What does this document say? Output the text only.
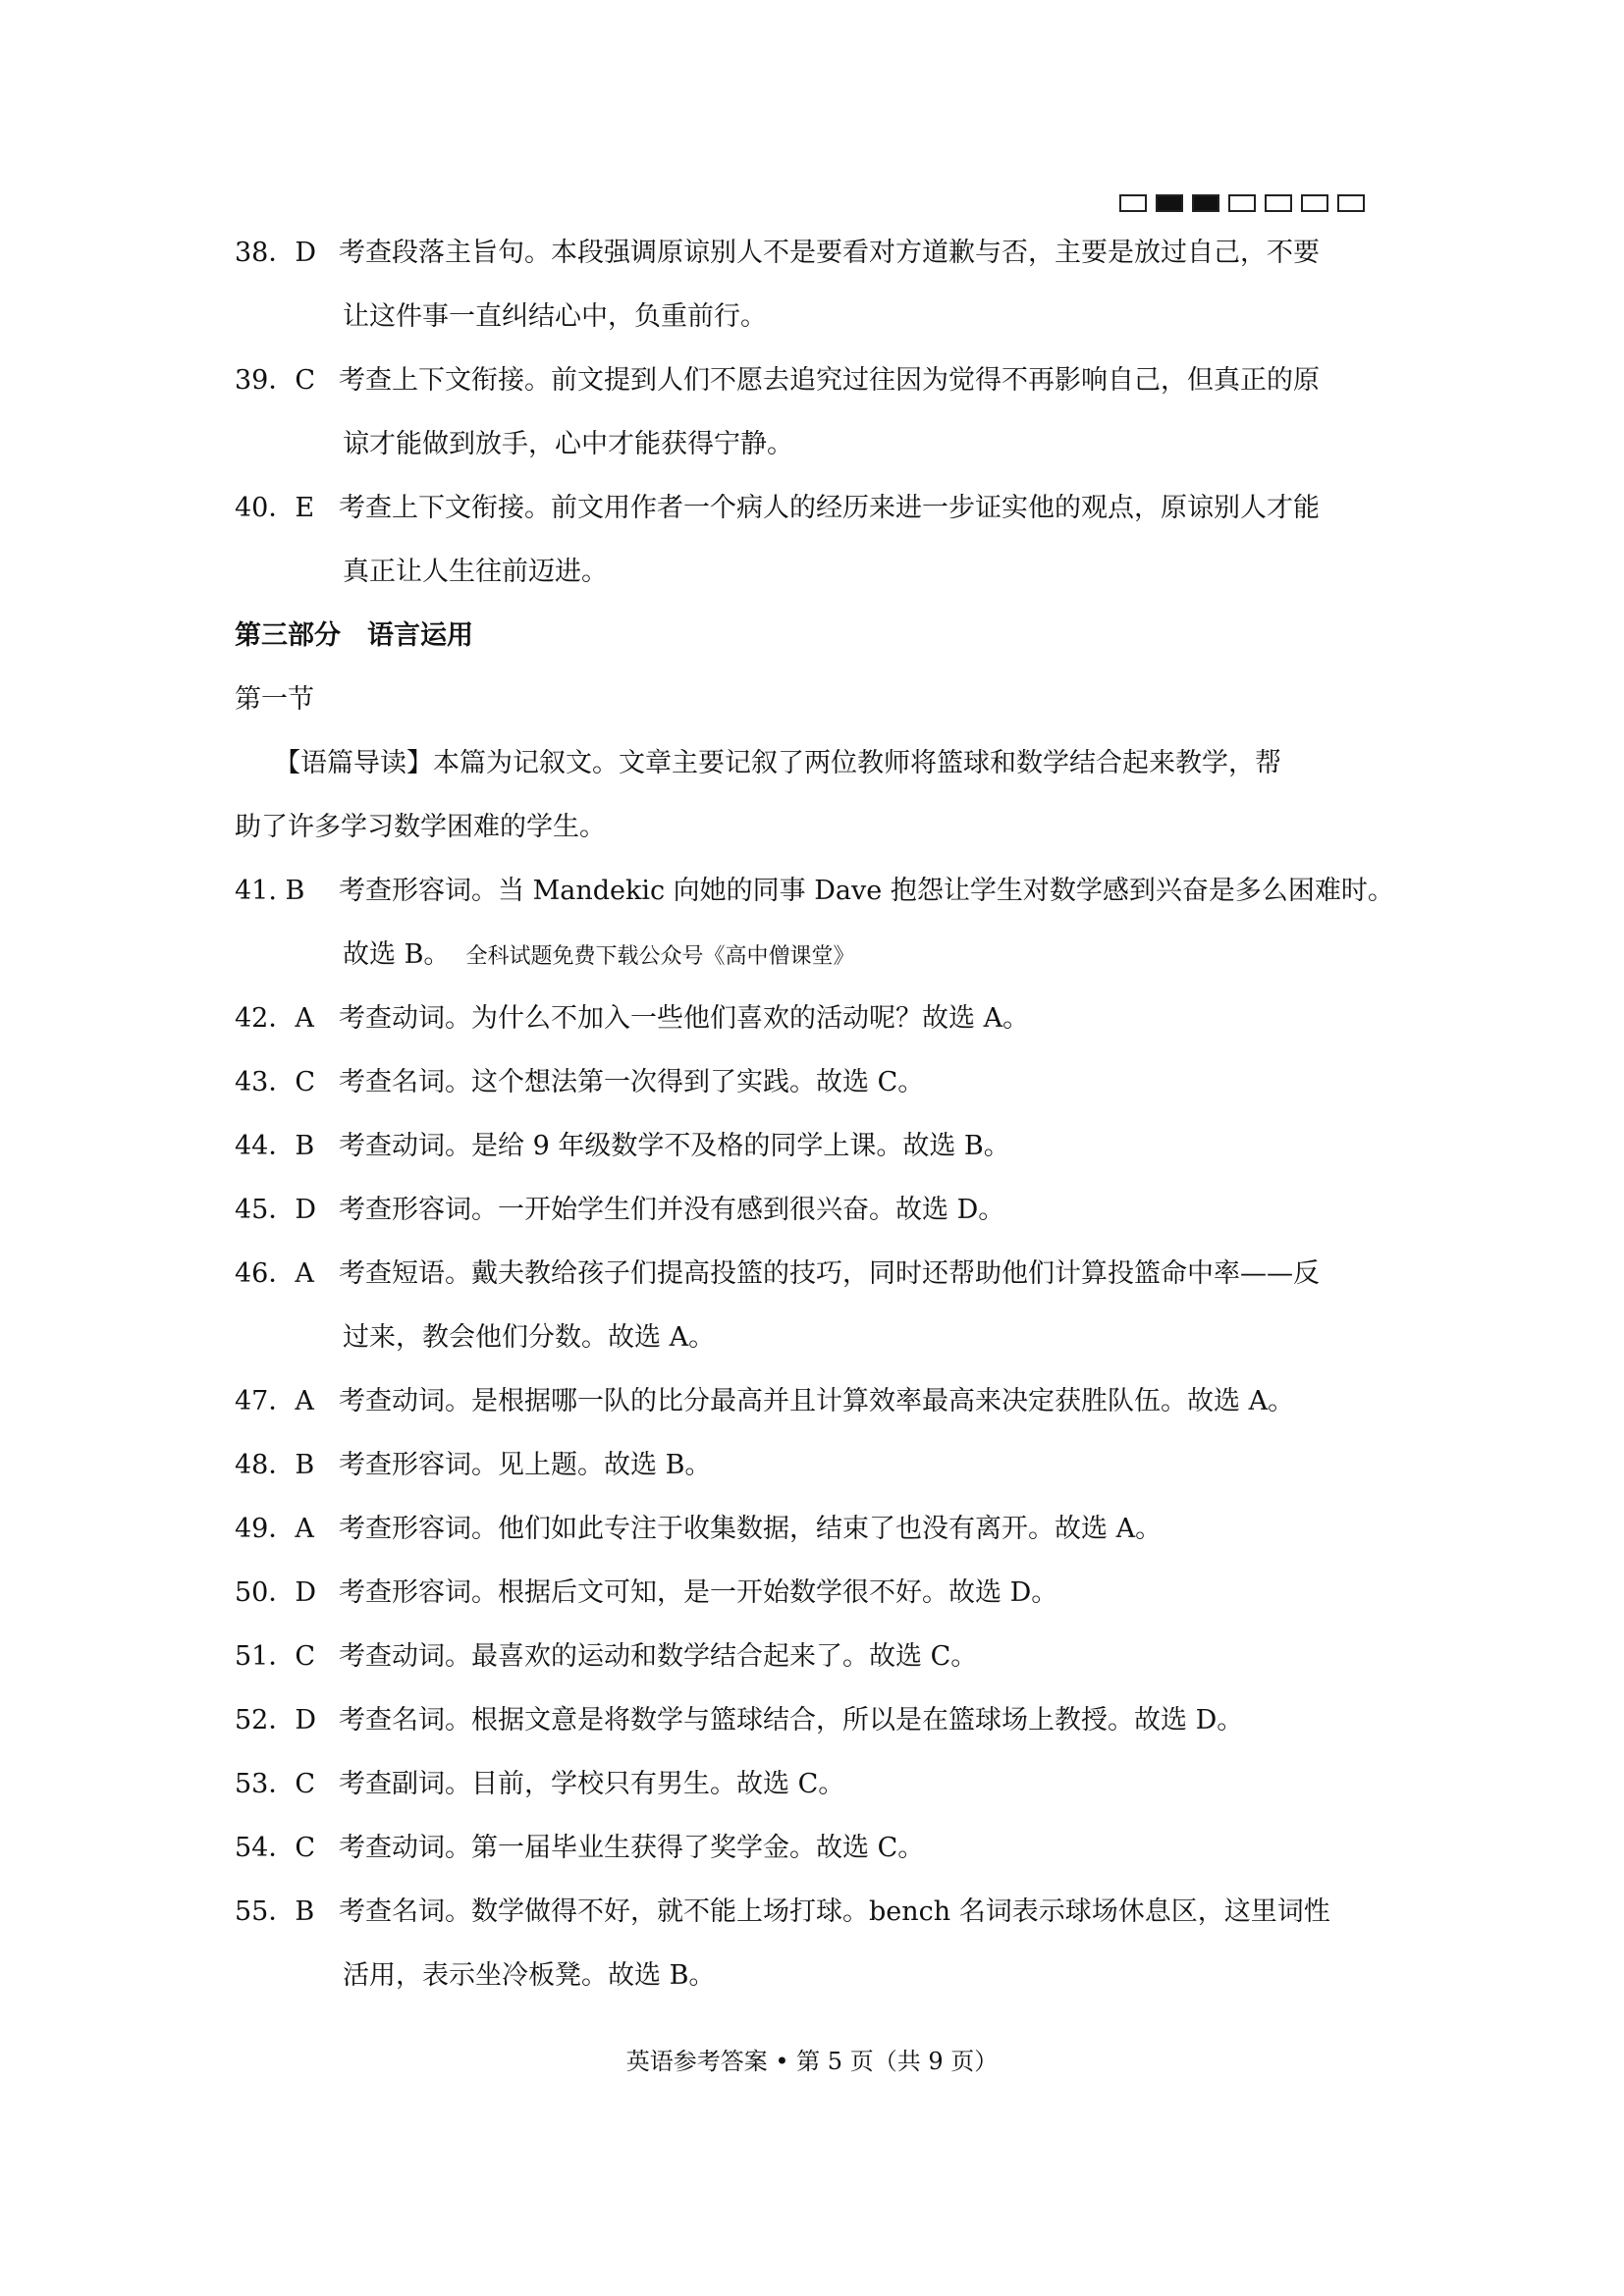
38．D 考查段落主旨句。本段强调原谅别人不是要看对方道歉与否，主要是放过自己，不要
让这件事一直纠结心中，负重前行。
39．C 考查上下文衔接。前文提到人们不愿去追究过往因为觉得不再影响自己，但真正的原
谅才能做到放手，心中才能获得宁静。
40．E 考查上下文衔接。前文用作者一个病人的经历来进一步证实他的观点，原谅别人才能
真正让人生往前迈进。
第三部分　语言运用
第一节
【语篇导读】本篇为记叙文。文章主要记叙了两位教师将篮球和数学结合起来教学，帮
助了许多学习数学困难的学生。
41. B 考查形容词。当 Mandekic 向她的同事 Dave 抱怨让学生对数学感到兴奋是多么困难时。
故选 B。 全科试题免费下载公众号《高中僧课堂》
42．A 考查动词。为什么不加入一些他们喜欢的活动呢？故选 A。
43．C 考查名词。这个想法第一次得到了实践。故选 C。
44．B 考查动词。是给 9 年级数学不及格的同学上课。故选 B。
45．D 考查形容词。一开始学生们并没有感到很兴奋。故选 D。
46．A 考查短语。戴夫教给孩子们提高投篮的技巧，同时还帮助他们计算投篮命中率——反
过来，教会他们分数。故选 A。
47．A 考查动词。是根据哪一队的比分最高并且计算效率最高来决定获胜队伍。故选 A。
48．B 考查形容词。见上题。故选 B。
49．A 考查形容词。他们如此专注于收集数据，结束了也没有离开。故选 A。
50．D 考查形容词。根据后文可知，是一开始数学很不好。故选 D。
51．C 考查动词。最喜欢的运动和数学结合起来了。故选 C。
52．D 考查名词。根据文意是将数学与篮球结合，所以是在篮球场上教授。故选 D。
53．C 考查副词。目前，学校只有男生。故选 C。
54．C 考查动词。第一届毕业生获得了奖学金。故选 C。
55．B 考查名词。数学做得不好，就不能上场打球。bench 名词表示球场休息区，这里词性
活用，表示坐冷板凳。故选 B。
英语参考答案 • 第 5 页（共 9 页）
